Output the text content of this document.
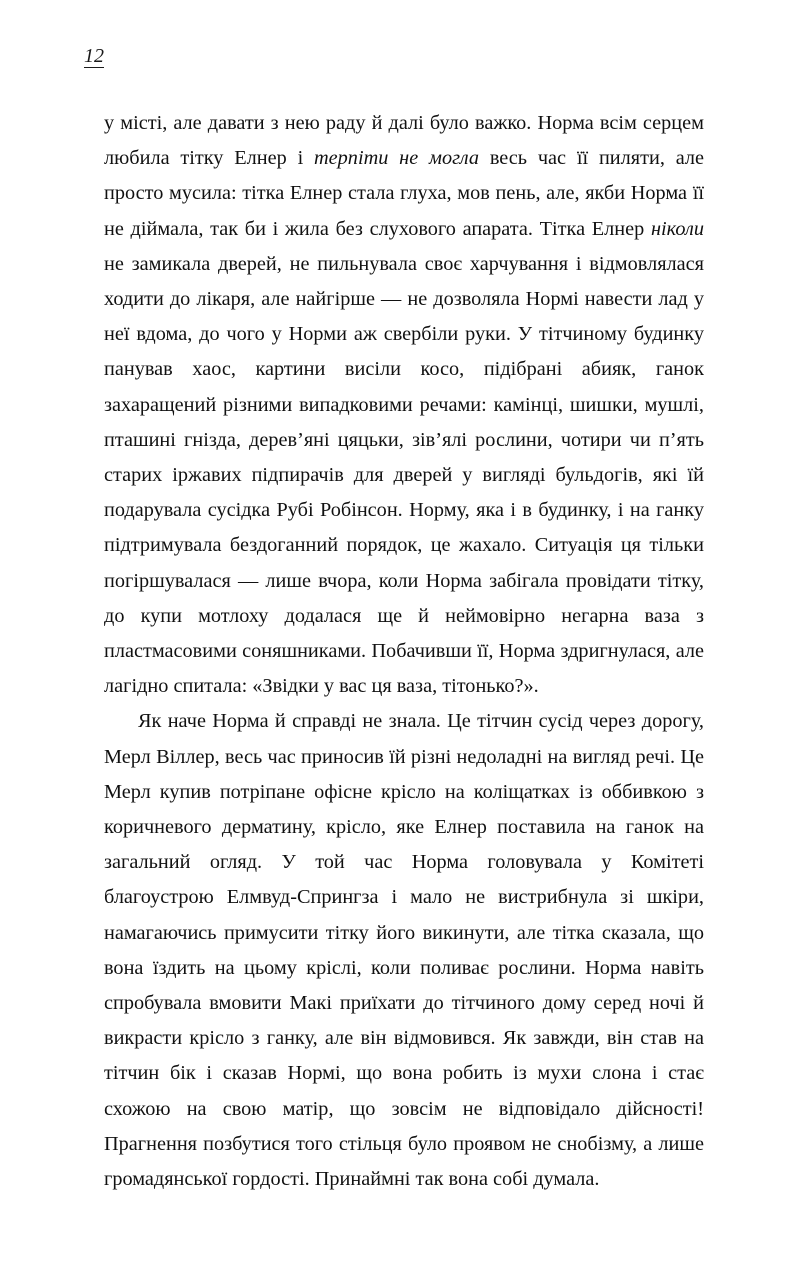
12

у місті, але давати з нею раду й далі було важко. Норма всім серцем любила тітку Елнер і терпіти не могла весь час її пиляти, але просто мусила: тітка Елнер стала глуха, мов пень, але, якби Норма її не діймала, так би і жила без слухового апарата. Тітка Елнер ніколи не замикала дверей, не пильнувала своє харчування і відмовлялася ходити до лікаря, але найгірше — не дозволяла Нормі навести лад у неї вдома, до чого у Норми аж свербіли руки. У тітчиному будинку панував хаос, картини висіли косо, підібрані абияк, ганок захаращений різними випадковими речами: камінці, шишки, мушлі, пташині гнізда, дерев’яні цяцьки, зів’ялі рослини, чотири чи п’ять старих іржавих підпирачів для дверей у вигляді бульдогів, які їй подарувала сусідка Рубі Робінсон. Норму, яка і в будинку, і на ганку підтримувала бездоганний порядок, це жахало. Ситуація ця тільки погіршувалася — лише вчора, коли Норма забігала провідати тітку, до купи мотлоху додалася ще й неймовірно негарна ваза з пластмасовими соняшниками. Побачивши її, Норма здригнулася, але лагідно спитала: «Звідки у вас ця ваза, тітонько?».

Як наче Норма й справді не знала. Це тітчин сусід через дорогу, Мерл Віллер, весь час приносив їй різні недоладні на вигляд речі. Це Мерл купив потріпане офісне крісло на коліщатках із оббивкою з коричневого дерматину, крісло, яке Елнер поставила на ганок на загальний огляд. У той час Норма головувала у Комітеті благоустрою Елмвуд-Спрингза і мало не вистрибнула зі шкіри, намагаючись примусити тітку його викинути, але тітка сказала, що вона їздить на цьому кріслі, коли поливає рослини. Норма навіть спробувала вмовити Макі приїхати до тітчиного дому серед ночі й викрасти крісло з ганку, але він відмовився. Як завжди, він став на тітчин бік і сказав Нормі, що вона робить із мухи слона і стає схожою на свою матір, що зовсім не відповідало дійсності! Прагнення позбутися того стільця було проявом не снобізму, а лише громадянської гордості. Принаймні так вона собі думала.
